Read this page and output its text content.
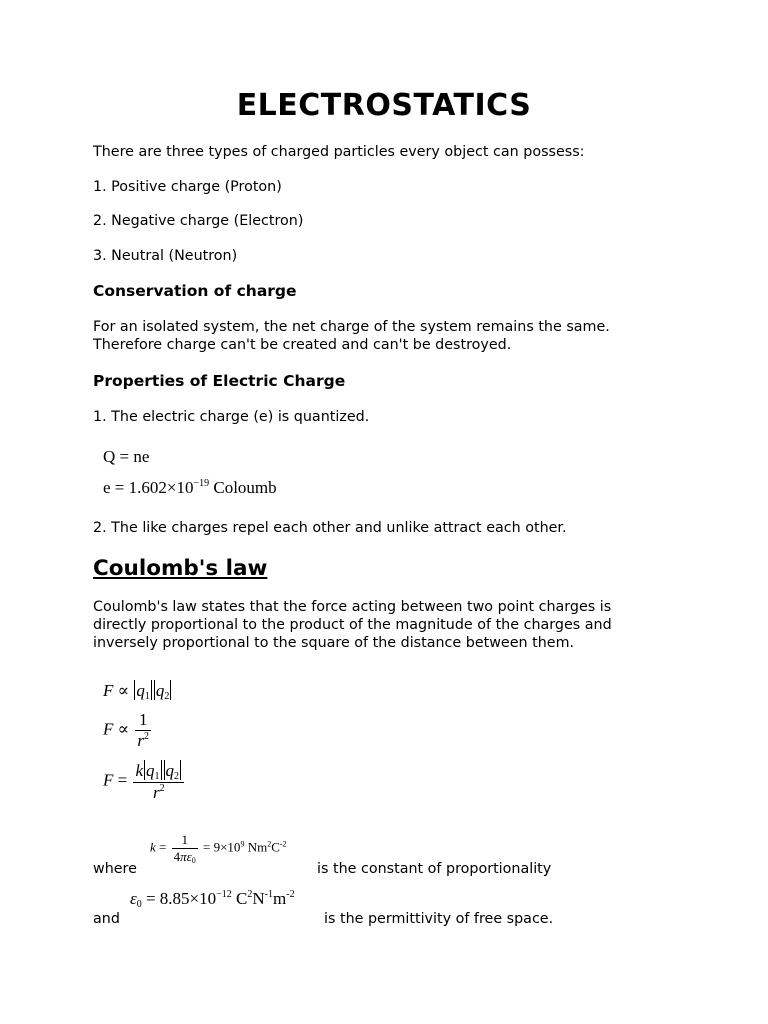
ELECTROSTATICS
There are three types of charged particles every object can possess:
1. Positive charge (Proton)
2. Negative charge (Electron)
3. Neutral (Neutron)
Conservation of charge
For an isolated system, the net charge of the system remains the same.
Therefore charge can't be created and can't be destroyed.
Properties of Electric Charge
1. The electric charge (e) is quantized.
Q = ne
$e = 1.602\times 10^{-19}$ Coloumb
2. The like charges repel each other and unlike attract each other.
Coulomb's law
Coulomb's law states that the force acting between two point charges is
directly proportional to the product of the magnitude of the charges and
inversely proportional to the square of the distance between them.
$F \propto q_1$ $q_2$
$F \propto \frac{1}{r^2}$
$F = \frac{k q_1 q_2}{r^2}$
$k = \frac{1}{4\pi\varepsilon_0} = 9\times 10^9$ $Nm^2C^{-2}$
where	is the constant of proportionality
$\varepsilon_0 = 8.85\times 10^{-12}$ $C^2N^{-1}m^{-2}$
and	is the permittivity of free space.
